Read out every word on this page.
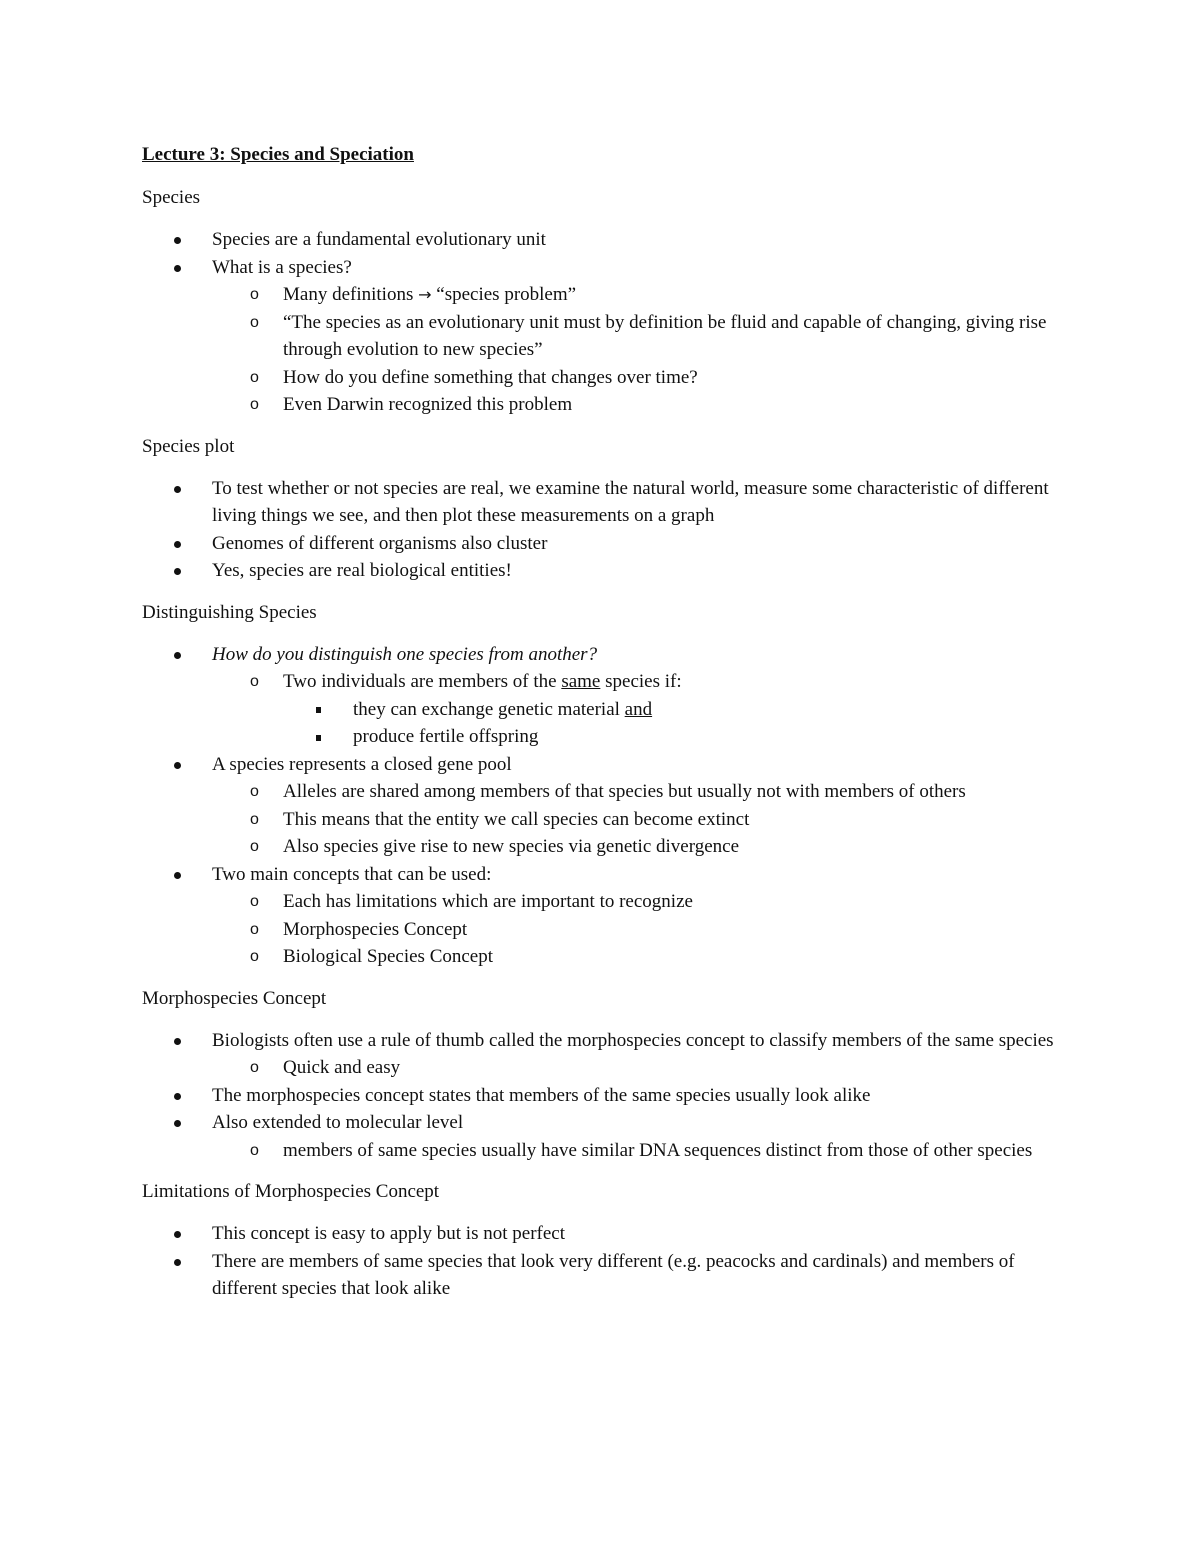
Lecture 3: Species and Speciation
Species
Species are a fundamental evolutionary unit
What is a species?
o Many definitions → “species problem”
o “The species as an evolutionary unit must by definition be fluid and capable of changing, giving rise through evolution to new species”
o How do you define something that changes over time?
o Even Darwin recognized this problem
Species plot
To test whether or not species are real, we examine the natural world, measure some characteristic of different living things we see, and then plot these measurements on a graph
Genomes of different organisms also cluster
Yes, species are real biological entities!
Distinguishing Species
How do you distinguish one species from another?
o Two individuals are members of the same species if:
they can exchange genetic material and
produce fertile offspring
A species represents a closed gene pool
o Alleles are shared among members of that species but usually not with members of others
o This means that the entity we call species can become extinct
o Also species give rise to new species via genetic divergence
Two main concepts that can be used:
o Each has limitations which are important to recognize
o Morphospecies Concept
o Biological Species Concept
Morphospecies Concept
Biologists often use a rule of thumb called the morphospecies concept to classify members of the same species
o Quick and easy
The morphospecies concept states that members of the same species usually look alike
Also extended to molecular level
o members of same species usually have similar DNA sequences distinct from those of other species
Limitations of Morphospecies Concept
This concept is easy to apply but is not perfect
There are members of same species that look very different (e.g. peacocks and cardinals) and members of different species that look alike
